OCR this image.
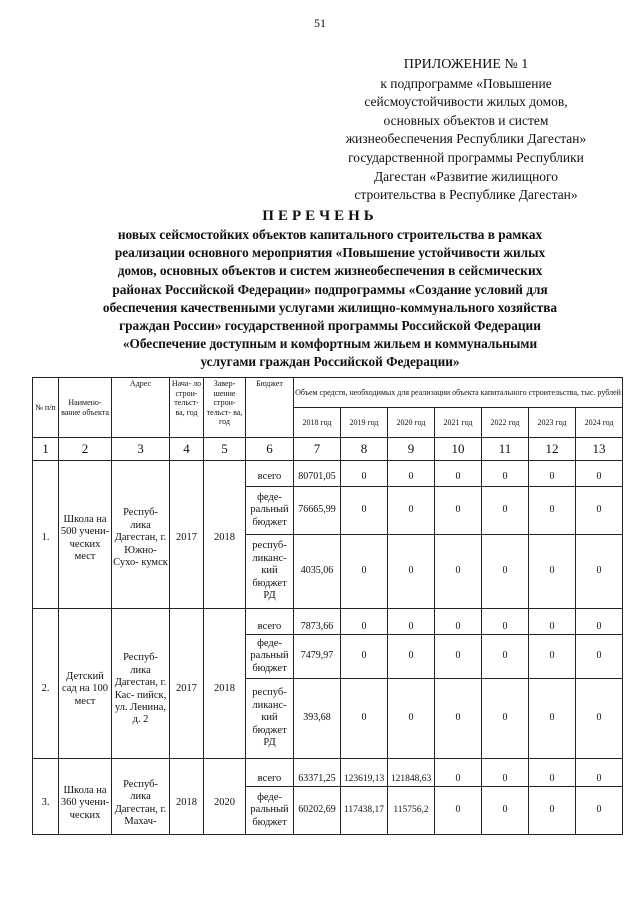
51
ПРИЛОЖЕНИЕ № 1
к подпрограмме «Повышение
сейсмоустойчивости жилых домов,
основных объектов и систем
жизнеобеспечения Республики Дагестан»
государственной программы Республики
Дагестан «Развитие жилищного
строительства в Республике Дагестан»
ПЕРЕЧЕНЬ
новых сейсмостойких объектов капитального строительства в рамках
реализации основного мероприятия «Повышение устойчивости жилых
домов, основных объектов и систем жизнеобеспечения в сейсмических
районах Российской Федерации» подпрограммы «Создание условий для
обеспечения качественными услугами жилищно-коммунального хозяйства
граждан России» государственной программы Российской Федерации
«Обеспечение доступным и комфортным жильем и коммунальными
услугами граждан Российской Федерации»
№ п/п	Наимено- вание объекта	Адрес	Нача- ло строи- тельст- ва, год	Завер- шение строи- тельст- ва, год	Бюджет	Объем средств, необходимых для реализации объекта капитального строительства, тыс. рублей						
						2018 год	2019 год	2020 год	2021 год	2022 год	2023 год	2024 год
1	2	3	4	5	6	7	8	9	10	11	12	13
1.	Школа на 500 учени- ческих мест	Респуб- лика Дагестан, г. Южно- Сухо- кумск	2017	2018	всего	80701,05	0	0	0	0	0	0
					феде- ральный бюджет	76665,99	0	0	0	0	0	0
					респуб- ликанс- кий бюджет РД	4035,06	0	0	0	0	0	0
2.	Детский сад на 100 мест	Респуб- лика Дагестан, г. Кас- пийск, ул. Ленина, д. 2	2017	2018	всего	7873,66	0	0	0	0	0	0
					феде- ральный бюджет	7479,97	0	0	0	0	0	0
					респуб- ликанс- кий бюджет РД	393,68	0	0	0	0	0	0
3.	Школа на 360 учени- ческих	Респуб- лика Дагестан, г. Махач-	2018	2020	всего	63371,25	123619,13	121848,63	0	0	0	0
					феде- ральный бюджет	60202,69	117438,17	115756,2	0	0	0	0
